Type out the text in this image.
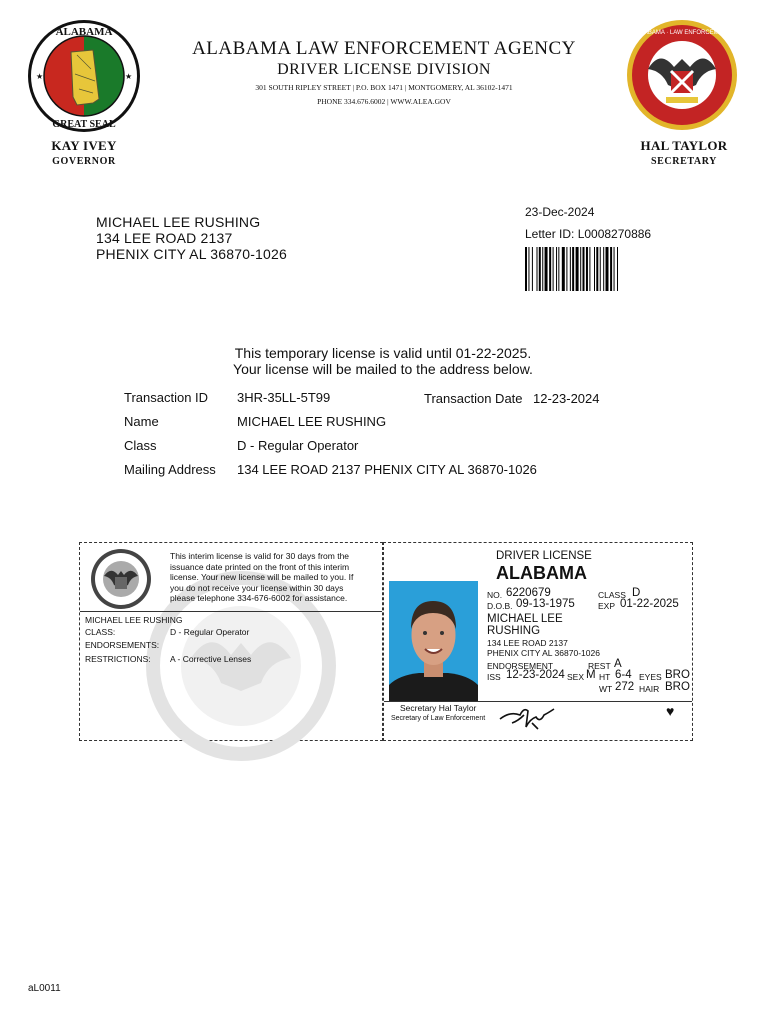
ALABAMA
GREAT SEAL
★	★
ALABAMA LAW ENFORCEMENT AGENCY
DRIVER LICENSE DIVISION
301 SOUTH RIPLEY STREET | P.O. BOX 1471 | MONTGOMERY, AL 36102-1471
PHONE 334.676.6002 | WWW.ALEA.GOV
STATE OF ALABAMA · LAW ENFORCEMENT AGENCY
KAY IVEY
GOVERNOR
HAL TAYLOR
SECRETARY
MICHAEL LEE RUSHING
134 LEE ROAD 2137
PHENIX CITY AL 36870-1026
23-Dec-2024
Letter ID: L0008270886
This temporary license is valid until 01-22-2025.
Your license will be mailed to the address below.
Transaction ID 3HR-35LL-5T99	Transaction Date 12-23-2024
Name	MICHAEL LEE RUSHING
Class	D - Regular Operator
Mailing Address 134 LEE ROAD 2137 PHENIX CITY AL 36870-1026
This interim license is valid for 30 days from the
issuance date printed on the front of this interim
license. Your new license will be mailed to you. If
you do not receive your license within 30 days
please telephone 334-676-6002 for assistance.
MICHAEL LEE RUSHING
CLASS:	D - Regular Operator
ENDORSEMENTS:
RESTRICTIONS: A - Corrective Lenses
DRIVER LICENSE
ALABAMA
NO. 6220679	CLASS D
D.O.B. 09-13-1975	EXP 01-22-2025
MICHAEL LEE
RUSHING
134 LEE ROAD 2137
PHENIX CITY AL 36870-1026
ENDORSEMENT	REST A
ISS 12-23-2024 SEX M HT 6-4 EYES BRO
WT 272 HAIR BRO
Secretary Hal Taylor
Secretary of Law Enforcement	♥
aL0011
